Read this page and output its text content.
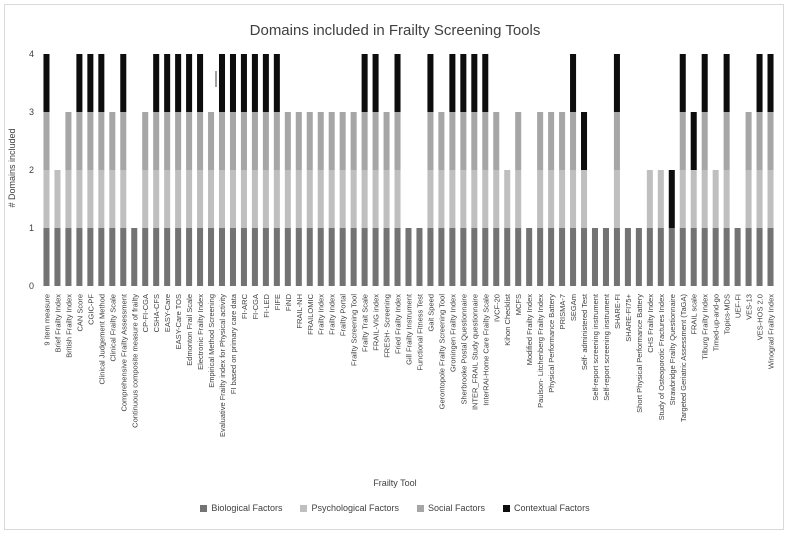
Domains included in Frailty Screening Tools
# Domains included
0
1
2
3
4
9 item measure Brief Frailty Index British Frailty Index CAN Score CGIC-PF Clinical Judgement Method Clinical Frailty Scale Comprehensive Frailty Assessment Continuous composite measure of frailty CP-FI-CGA CSHA-CFS EASY-Care EASY-Care TOS Edmonton Frail Scale Electronic Frailty Index Empirical Method Screening Evaluative Frailty index for Physical activity FI based on primary care data FI-ARC FI-CGA FI-LED FIFE FiND FRAIL-NH FRAILOMIC Frailty Index Frailty Index Frailty Portal Frailty Screening Tool Frailty Trait Scale FRAIL-VIG index FRESH- Screening Fried Frailty Index Gill Frailty Instrument Functional Fitness Test Gait Speed Gerontopole Frailty Screening Tool Groningen Frailty Index Sherbrooke Postal Questionnaire INTER_FRAIL Study questionnaire InterRAI-Home Care Frailty Scale IVCF-20 Kihon Checklist MCFS Modified Frailty Index Paulson- Litchenberg Frailty Index Physical Performance Battery PRISMA-7 SEGAm Self- administered Test Self-report screening instrument Self-report screening instrument SHARE-FI SHARE-FI75+ Short Physical Performance Battery CHS Frailty Index Study of Osteoporotic Fractures Index Strawbridge Frailty Questionnaire Targeted Geriatric Assessment (TaGA) FRAIL scale Tilburg Frailty Index Timed-up-and-go Topics-MDS UEF-FI VES-13 VES-HOS 2.0 Winograd Frailty Index
Frailty Tool
Biological Factors	Psychological Factors	Social Factors	Contextual Factors
